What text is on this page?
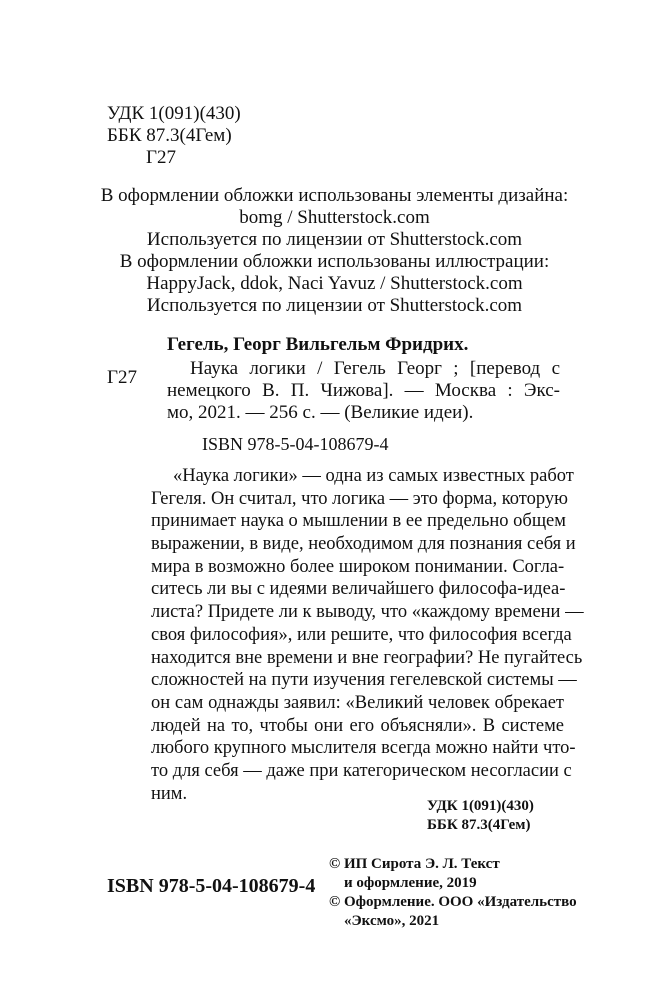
УДК 1(091)(430)
ББК 87.3(4Гем)
Г27
В оформлении обложки использованы элементы дизайна:
bomg / Shutterstock.com
Используется по лицензии от Shutterstock.com
В оформлении обложки использованы иллюстрации:
HappyJack, ddok, Naci Yavuz / Shutterstock.com
Используется по лицензии от Shutterstock.com
Гегель, Георг Вильгельм Фридрих.
Г27	Наука логики / Гегель Георг ; [перевод с
немецкого В. П. Чижова]. — Москва : Экс-
мо, 2021. — 256 с. — (Великие идеи).
ISBN 978-5-04-108679-4
«Наука логики» — одна из самых известных работ
Гегеля. Он считал, что логика — это форма, которую
принимает наука о мышлении в ее предельно общем
выражении, в виде, необходимом для познания себя и
мира в возможно более широком понимании. Согла-
ситесь ли вы с идеями величайшего философа-идеа-
листа? Придете ли к выводу, что «каждому времени —
своя философия», или решите, что философия всегда
находится вне времени и вне географии? Не пугайтесь
сложностей на пути изучения гегелевской системы —
он сам однажды заявил: «Великий человек обрекает
людей на то, чтобы они его объясняли». В системе
любого крупного мыслителя всегда можно найти что-
то для себя — даже при категорическом несогласии с
ним.
УДК 1(091)(430)
ББК 87.3(4Гем)
© ИП Сирота Э. Л. Текст
и оформление, 2019
© Оформление. ООО «Издательство
«Эксмо», 2021
ISBN 978-5-04-108679-4
